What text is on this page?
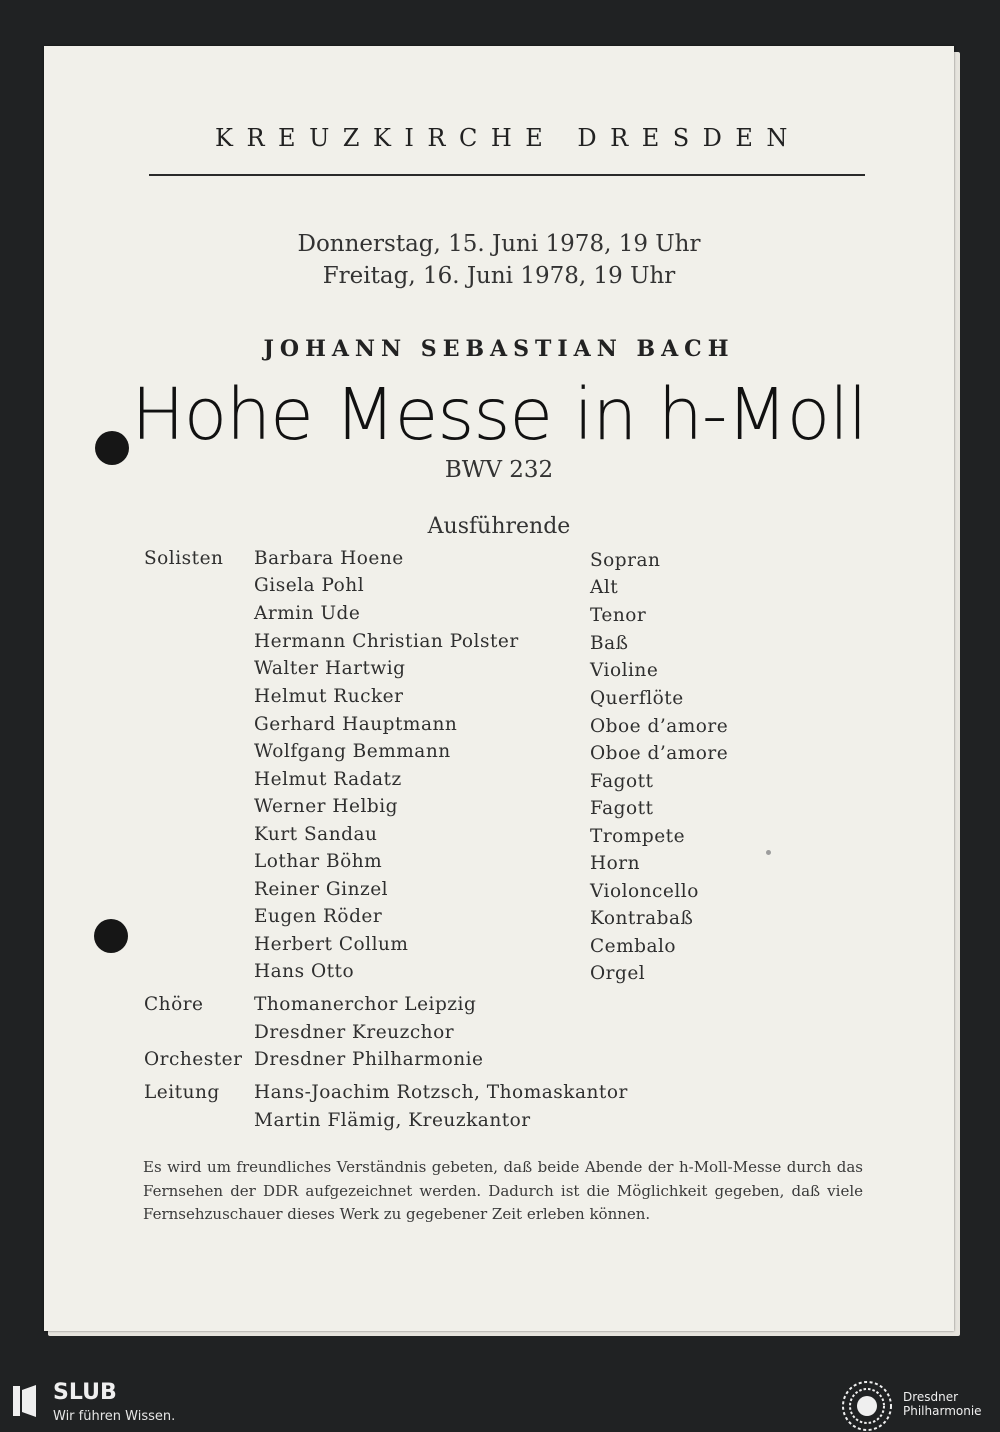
KREUZKIRCHE DRESDEN
Donnerstag, 15. Juni 1978, 19 Uhr
Freitag, 16. Juni 1978, 19 Uhr
JOHANN SEBASTIAN BACH
Hohe Messe in h-Moll
BWV 232
Ausführende
Solisten Barbara Hoene	Sopran
Gisela Pohl	Alt
Armin Ude	Tenor
Hermann Christian Polster	Baß
Walter Hartwig	Violine
Helmut Rucker	Querflöte
Gerhard Hauptmann	Oboe d’amore
Wolfgang Bemmann	Oboe d’amore
Helmut Radatz	Fagott
Werner Helbig	Fagott
Kurt Sandau	Trompete
Lothar Böhm	Horn
Reiner Ginzel	Violoncello
Eugen Röder	Kontrabaß
Herbert Collum	Cembalo
Hans Otto	Orgel
Chöre	Thomanerchor Leipzig
Dresdner Kreuzchor
Orchester Dresdner Philharmonie
Leitung Hans-Joachim Rotzsch, Thomaskantor
Martin Flämig, Kreuzkantor
Es wird um freundliches Verständnis gebeten, daß beide Abende der h-Moll-Messe durch das Fernsehen der DDR aufgezeichnet werden. Dadurch ist die Möglichkeit gegeben, daß viele Fernsehzuschauer dieses Werk zu gegebener Zeit erleben können.
SLUB
Wir führen Wissen.
Dresdner
Philharmonie
